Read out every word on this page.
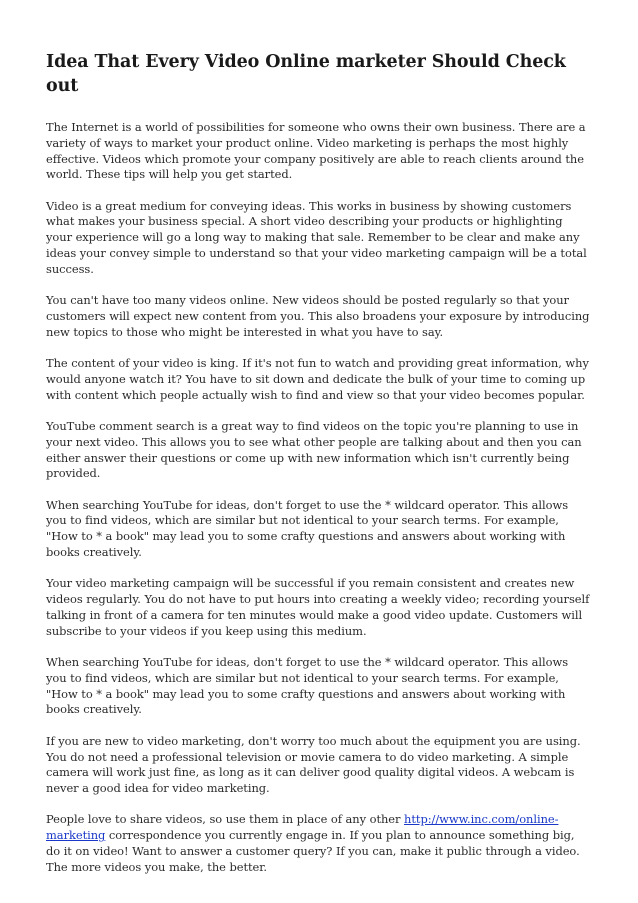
Idea That Every Video Online marketer Should Check out

The Internet is a world of possibilities for someone who owns their own business. There are a variety of ways to market your product online. Video marketing is perhaps the most highly effective. Videos which promote your company positively are able to reach clients around the world. These tips will help you get started.

Video is a great medium for conveying ideas. This works in business by showing customers what makes your business special. A short video describing your products or highlighting your experience will go a long way to making that sale. Remember to be clear and make any ideas your convey simple to understand so that your video marketing campaign will be a total success.

You can't have too many videos online. New videos should be posted regularly so that your customers will expect new content from you. This also broadens your exposure by introducing new topics to those who might be interested in what you have to say.

The content of your video is king. If it's not fun to watch and providing great information, why would anyone watch it? You have to sit down and dedicate the bulk of your time to coming up with content which people actually wish to find and view so that your video becomes popular.

YouTube comment search is a great way to find videos on the topic you're planning to use in your next video. This allows you to see what other people are talking about and then you can either answer their questions or come up with new information which isn't currently being provided.

When searching YouTube for ideas, don't forget to use the * wildcard operator. This allows you to find videos, which are similar but not identical to your search terms. For example, "How to * a book" may lead you to some crafty questions and answers about working with books creatively.

Your video marketing campaign will be successful if you remain consistent and creates new videos regularly. You do not have to put hours into creating a weekly video; recording yourself talking in front of a camera for ten minutes would make a good video update. Customers will subscribe to your videos if you keep using this medium.

When searching YouTube for ideas, don't forget to use the * wildcard operator. This allows you to find videos, which are similar but not identical to your search terms. For example, "How to * a book" may lead you to some crafty questions and answers about working with books creatively.

If you are new to video marketing, don't worry too much about the equipment you are using. You do not need a professional television or movie camera to do video marketing. A simple camera will work just fine, as long as it can deliver good quality digital videos. A webcam is never a good idea for video marketing.

People love to share videos, so use them in place of any other http://www.inc.com/online-marketing correspondence you currently engage in. If you plan to announce something big, do it on video! Want to answer a customer query? If you can, make it public through a video. The more videos you make, the better.
